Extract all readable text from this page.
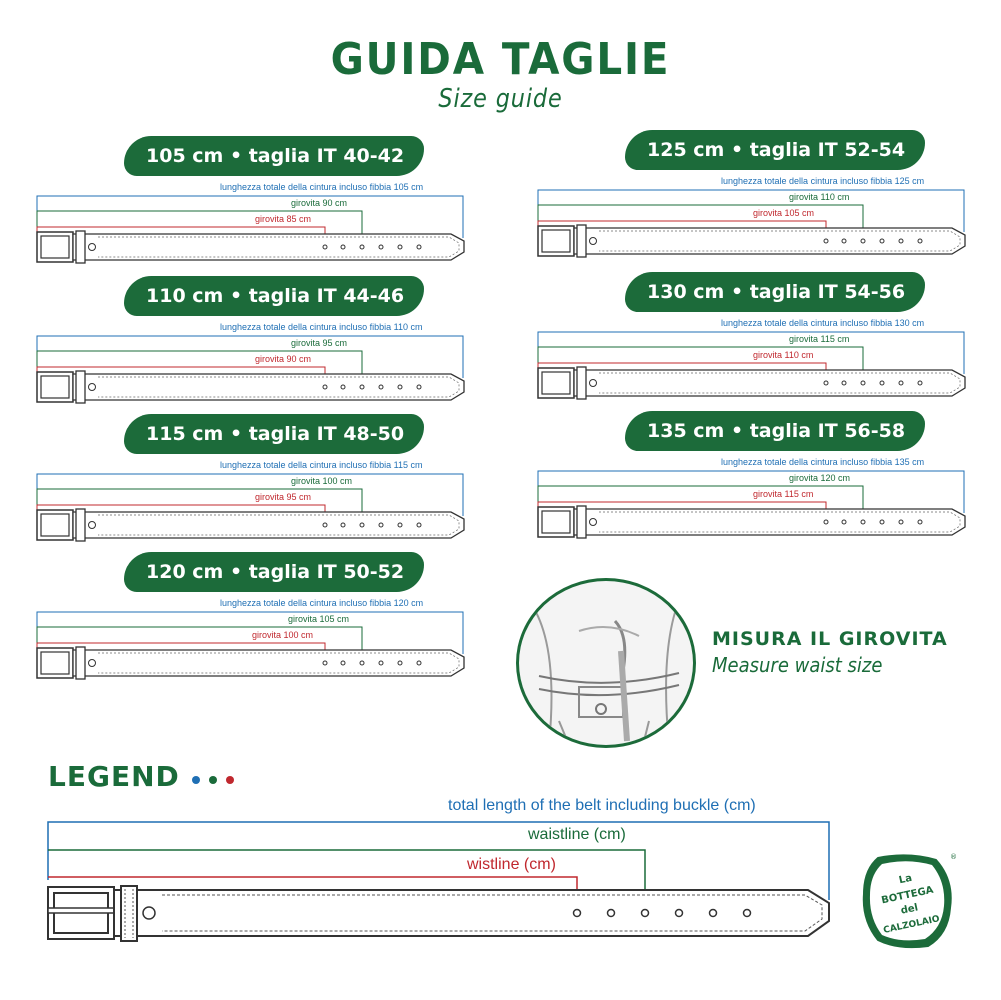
GUIDA TAGLIE
Size guide
105 cm • taglia IT 40-42
lunghezza totale della cintura incluso fibbia 105 cm
girovita 90 cm
girovita 85 cm
110 cm • taglia IT 44-46
lunghezza totale della cintura incluso fibbia 110 cm
girovita 95 cm
girovita 90 cm
115 cm • taglia IT 48-50
lunghezza totale della cintura incluso fibbia 115 cm
girovita 100 cm
girovita 95 cm
120 cm • taglia IT 50-52
lunghezza totale della cintura incluso fibbia 120 cm
girovita 105 cm
girovita 100 cm
125 cm • taglia IT 52-54
lunghezza totale della cintura incluso fibbia 125 cm
girovita 110 cm
girovita 105 cm
130 cm • taglia IT 54-56
lunghezza totale della cintura incluso fibbia 130 cm
girovita 115 cm
girovita 110 cm
135 cm • taglia IT 56-58
lunghezza totale della cintura incluso fibbia 135 cm
girovita 120 cm
girovita 115 cm
MISURA IL GIROVITA
Measure waist size
LEGEND
total length of the belt including buckle (cm)
waistline (cm)
wistline (cm)
La
BOTTEGA
del
CALZOLAIO
®
